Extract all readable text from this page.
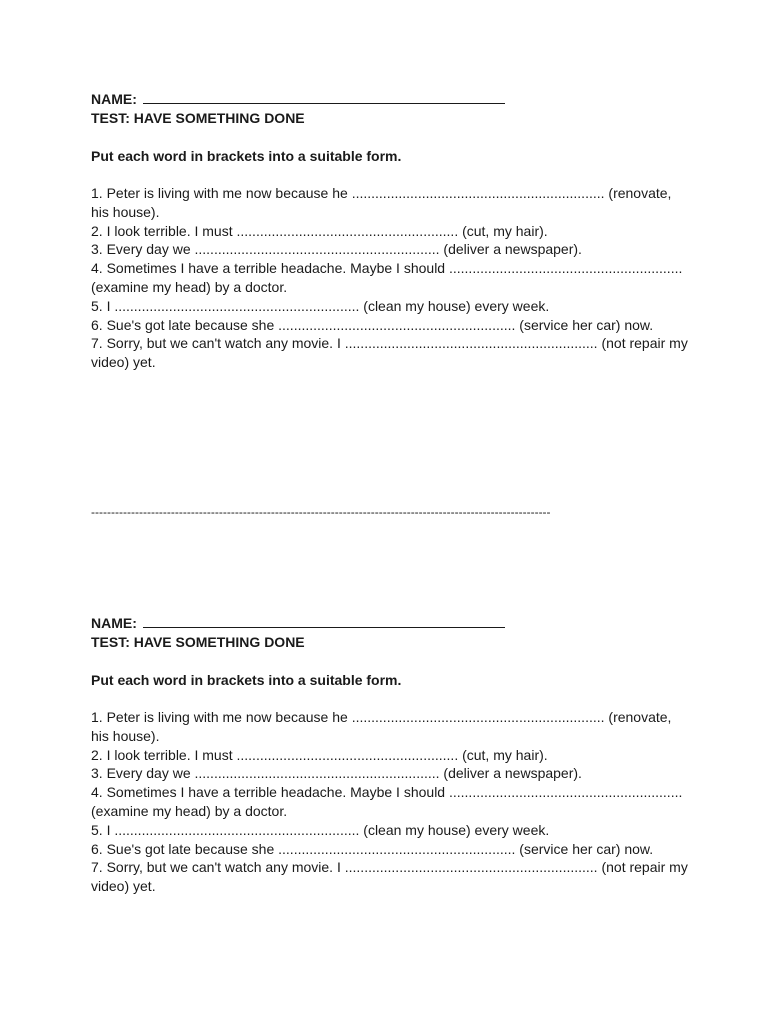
NAME:
TEST: HAVE SOMETHING DONE
Put each word in brackets into a suitable form.

1. Peter is living with me now because he ................................................................. (renovate, his house).

2. I look terrible. I must ......................................................... (cut, my hair).

3. Every day we ............................................................... (deliver a newspaper).

4. Sometimes I have a terrible headache. Maybe I should ............................................................ (examine my head) by a doctor.

5. I ............................................................... (clean my house) every week.

6. Sue's got late because she ............................................................. (service her car) now.

7. Sorry, but we can't watch any movie. I ................................................................. (not repair my video) yet.

-------------------------------------------------------------------------------------------------------------------
NAME:
TEST: HAVE SOMETHING DONE
Put each word in brackets into a suitable form.

1. Peter is living with me now because he ................................................................. (renovate, his house).

2. I look terrible. I must ......................................................... (cut, my hair).

3. Every day we ............................................................... (deliver a newspaper).

4. Sometimes I have a terrible headache. Maybe I should ............................................................ (examine my head) by a doctor.

5. I ............................................................... (clean my house) every week.

6. Sue's got late because she ............................................................. (service her car) now.

7. Sorry, but we can't watch any movie. I ................................................................. (not repair my video) yet.
